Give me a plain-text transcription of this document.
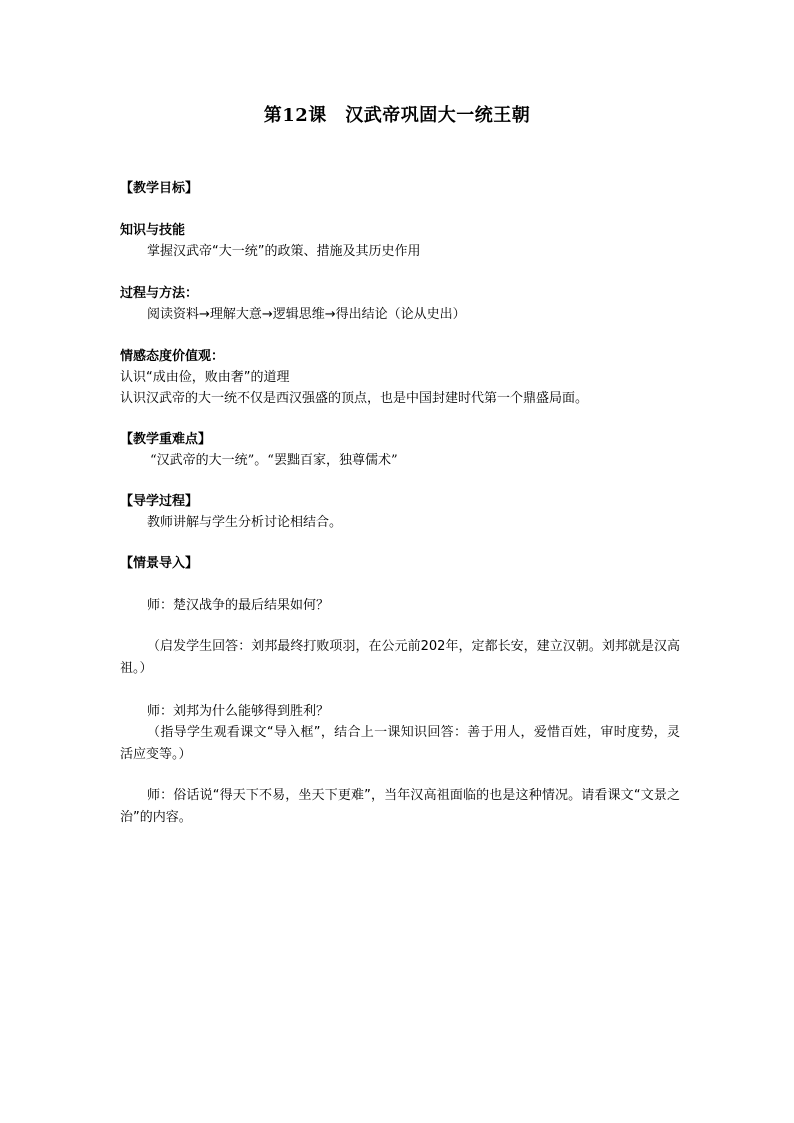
第12课　汉武帝巩固大一统王朝
【教学目标】
知识与技能
掌握汉武帝“大一统”的政策、措施及其历史作用
过程与方法：
阅读资料→理解大意→逻辑思维→得出结论（论从史出）
情感态度价值观：
认识“成由俭，败由奢”的道理
认识汉武帝的大一统不仅是西汉强盛的顶点，也是中国封建时代第一个鼎盛局面。
【教学重难点】
“汉武帝的大一统”。“罢黜百家，独尊儒术”
【导学过程】
教师讲解与学生分析讨论相结合。
【情景导入】
师：楚汉战争的最后结果如何？
（启发学生回答：刘邦最终打败项羽，在公元前202年，定都长安，建立汉朝。刘邦就是汉高祖。）
师：刘邦为什么能够得到胜利？
（指导学生观看课文“导入框”，结合上一课知识回答：善于用人，爱惜百姓，审时度势，灵活应变等。）
师：俗话说“得天下不易，坐天下更难”，当年汉高祖面临的也是这种情况。请看课文“文景之治”的内容。
